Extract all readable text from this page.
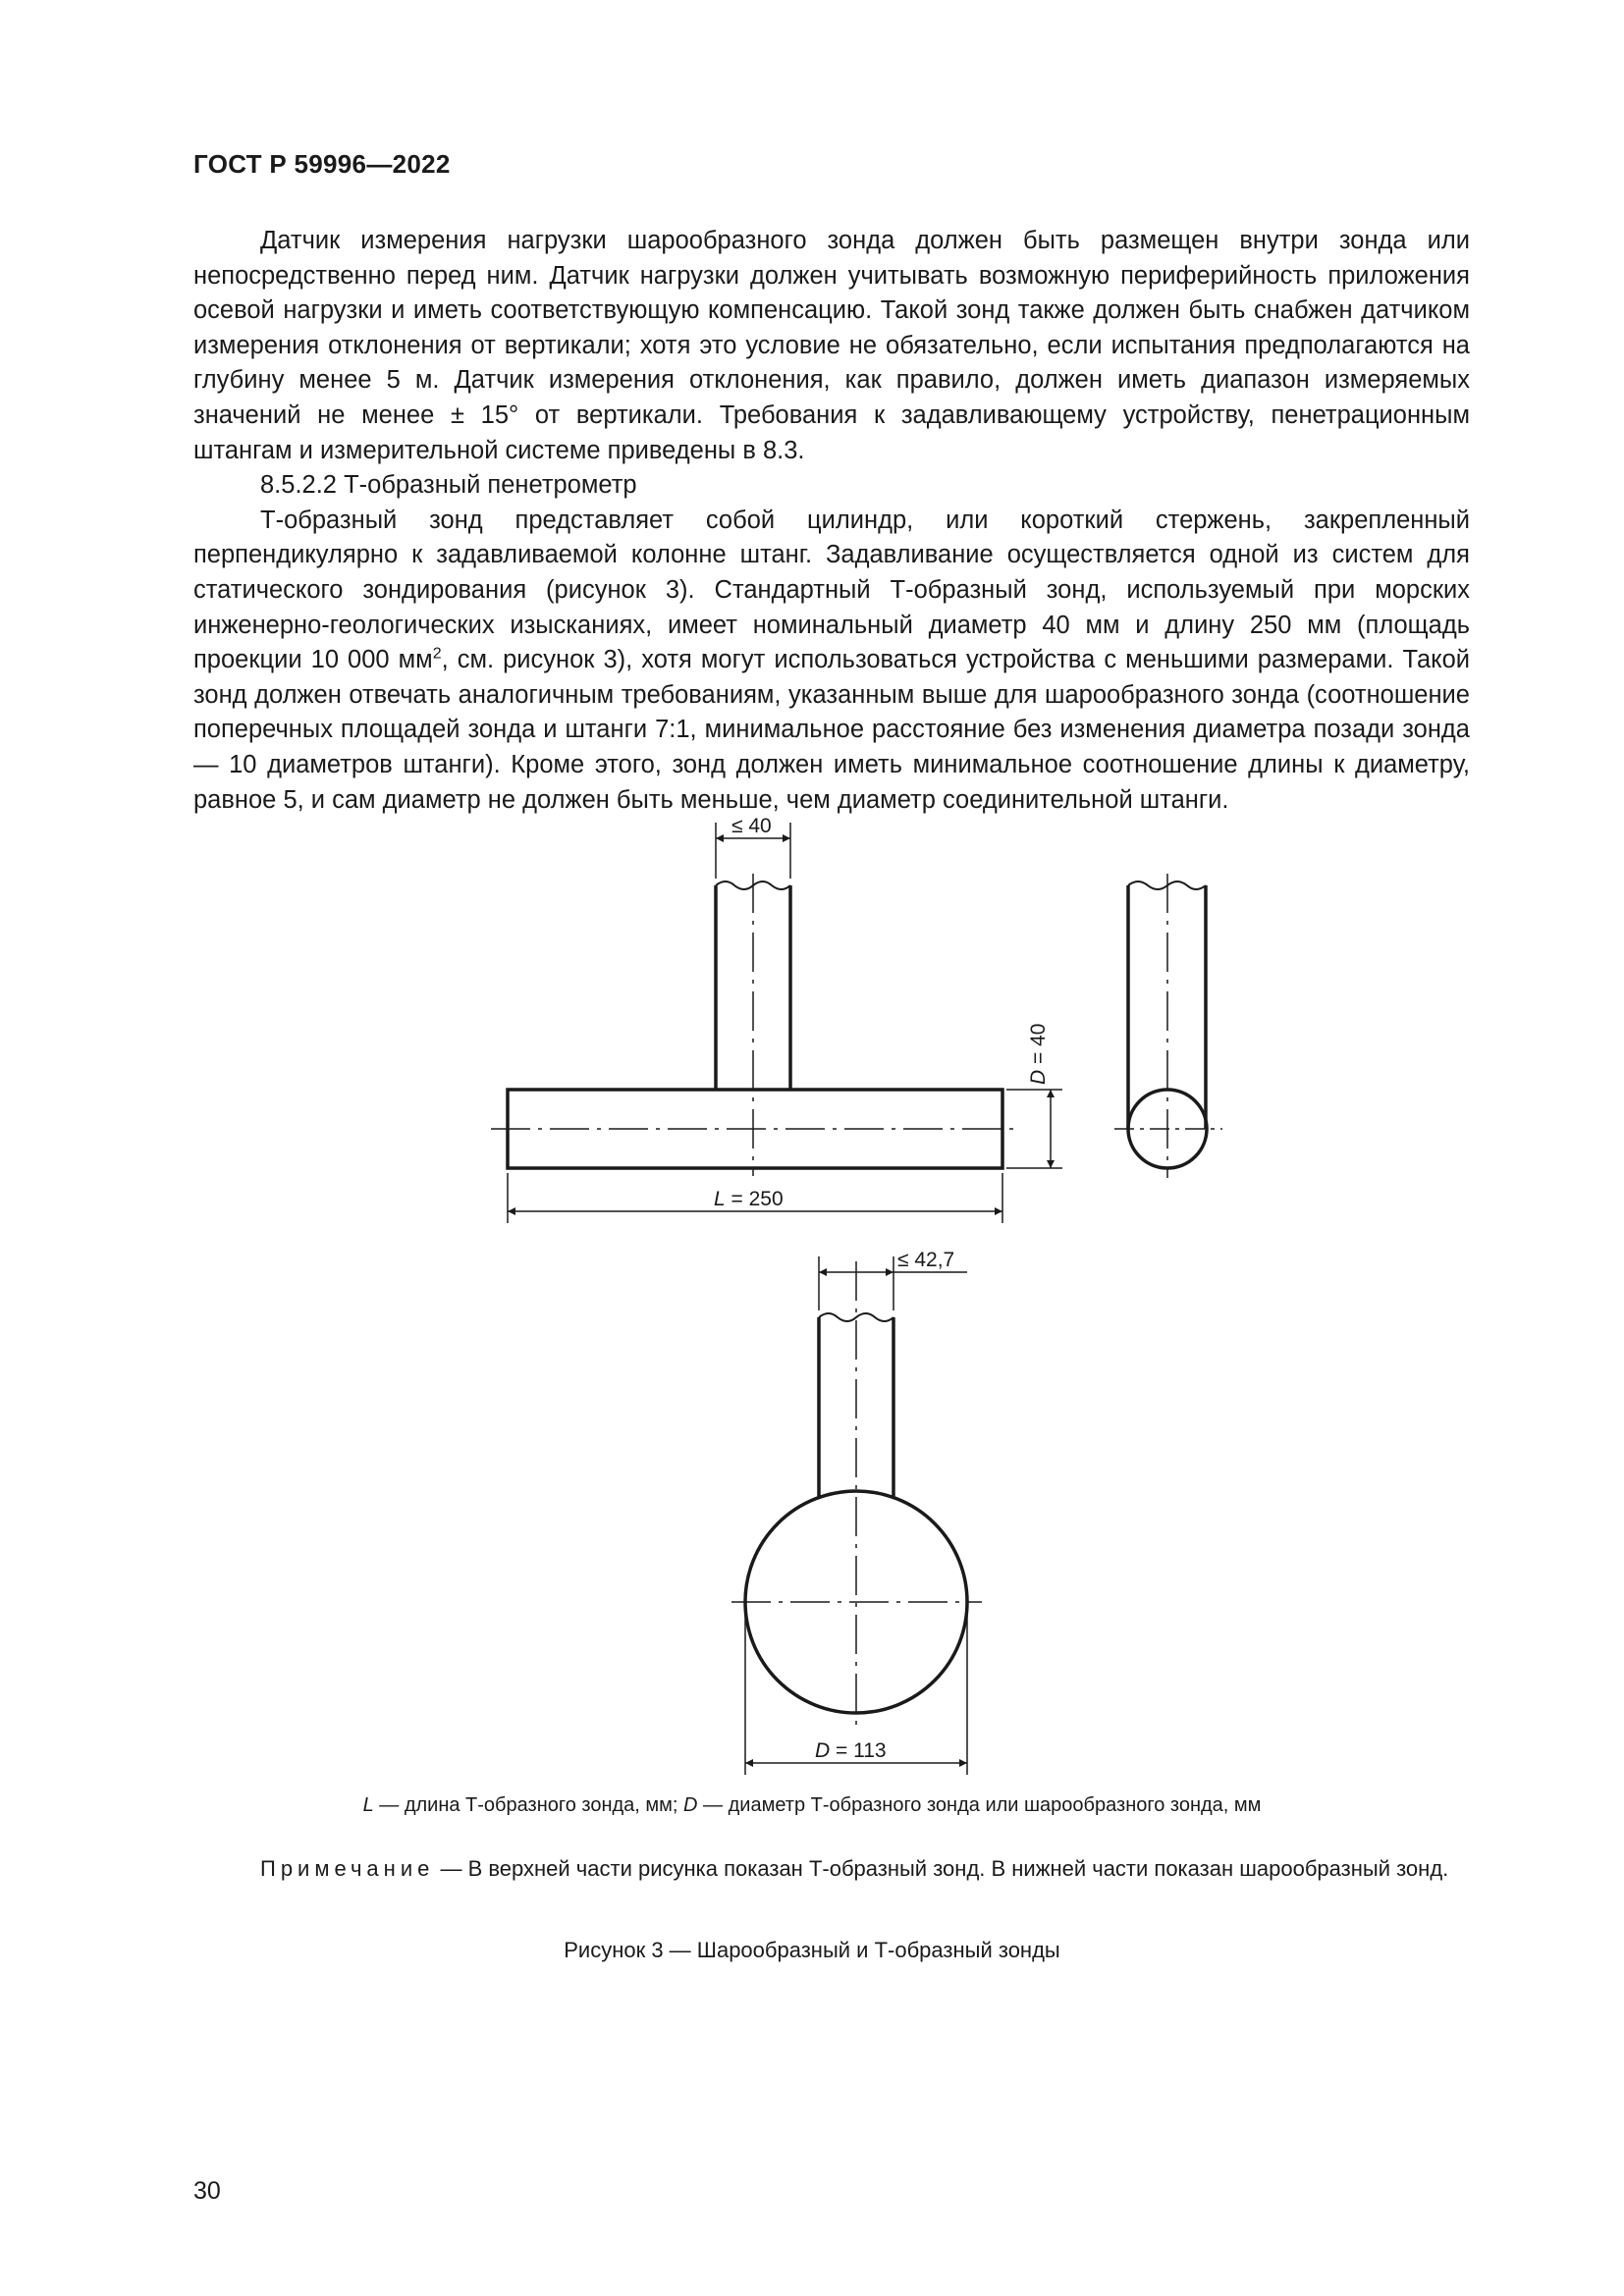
ГОСТ Р 59996—2022

Датчик измерения нагрузки шарообразного зонда должен быть размещен внутри зонда или непосредственно перед ним. Датчик нагрузки должен учитывать возможную периферийность приложения осевой нагрузки и иметь соответствующую компенсацию. Такой зонд также должен быть снабжен датчиком измерения отклонения от вертикали; хотя это условие не обязательно, если испытания предполагаются на глубину менее 5 м. Датчик измерения отклонения, как правило, должен иметь диапазон измеряемых значений не менее ± 15° от вертикали. Требования к задавливающему устройству, пенетрационным штангам и измерительной системе приведены в 8.3.

8.5.2.2 Т-образный пенетрометр

Т-образный зонд представляет собой цилиндр, или короткий стержень, закрепленный перпендикулярно к задавливаемой колонне штанг. Задавливание осуществляется одной из систем для статического зондирования (рисунок 3). Стандартный Т-образный зонд, используемый при морских инженерно-геологических изысканиях, имеет номинальный диаметр 40 мм и длину 250 мм (площадь проекции 10 000 $мм^2$, см. рисунок 3), хотя могут использоваться устройства с меньшими размерами. Такой зонд должен отвечать аналогичным требованиям, указанным выше для шарообразного зонда (соотношение поперечных площадей зонда и штанги 7:1, минимальное расстояние без изменения диаметра позади зонда — 10 диаметров штанги). Кроме этого, зонд должен иметь минимальное соотношение длины к диаметру, равное 5, и сам диаметр не должен быть меньше, чем диаметр соединительной штанги.

≤ 40
D = 40
L = 250
≤ 42,7
D = 113
L — длина Т-образного зонда, мм; D — диаметр Т-образного зонда или шарообразного зонда, мм
Примечание — В верхней части рисунка показан Т-образный зонд. В нижней части показан шарообразный зонд.
Рисунок 3 — Шарообразный и Т-образный зонды
30
